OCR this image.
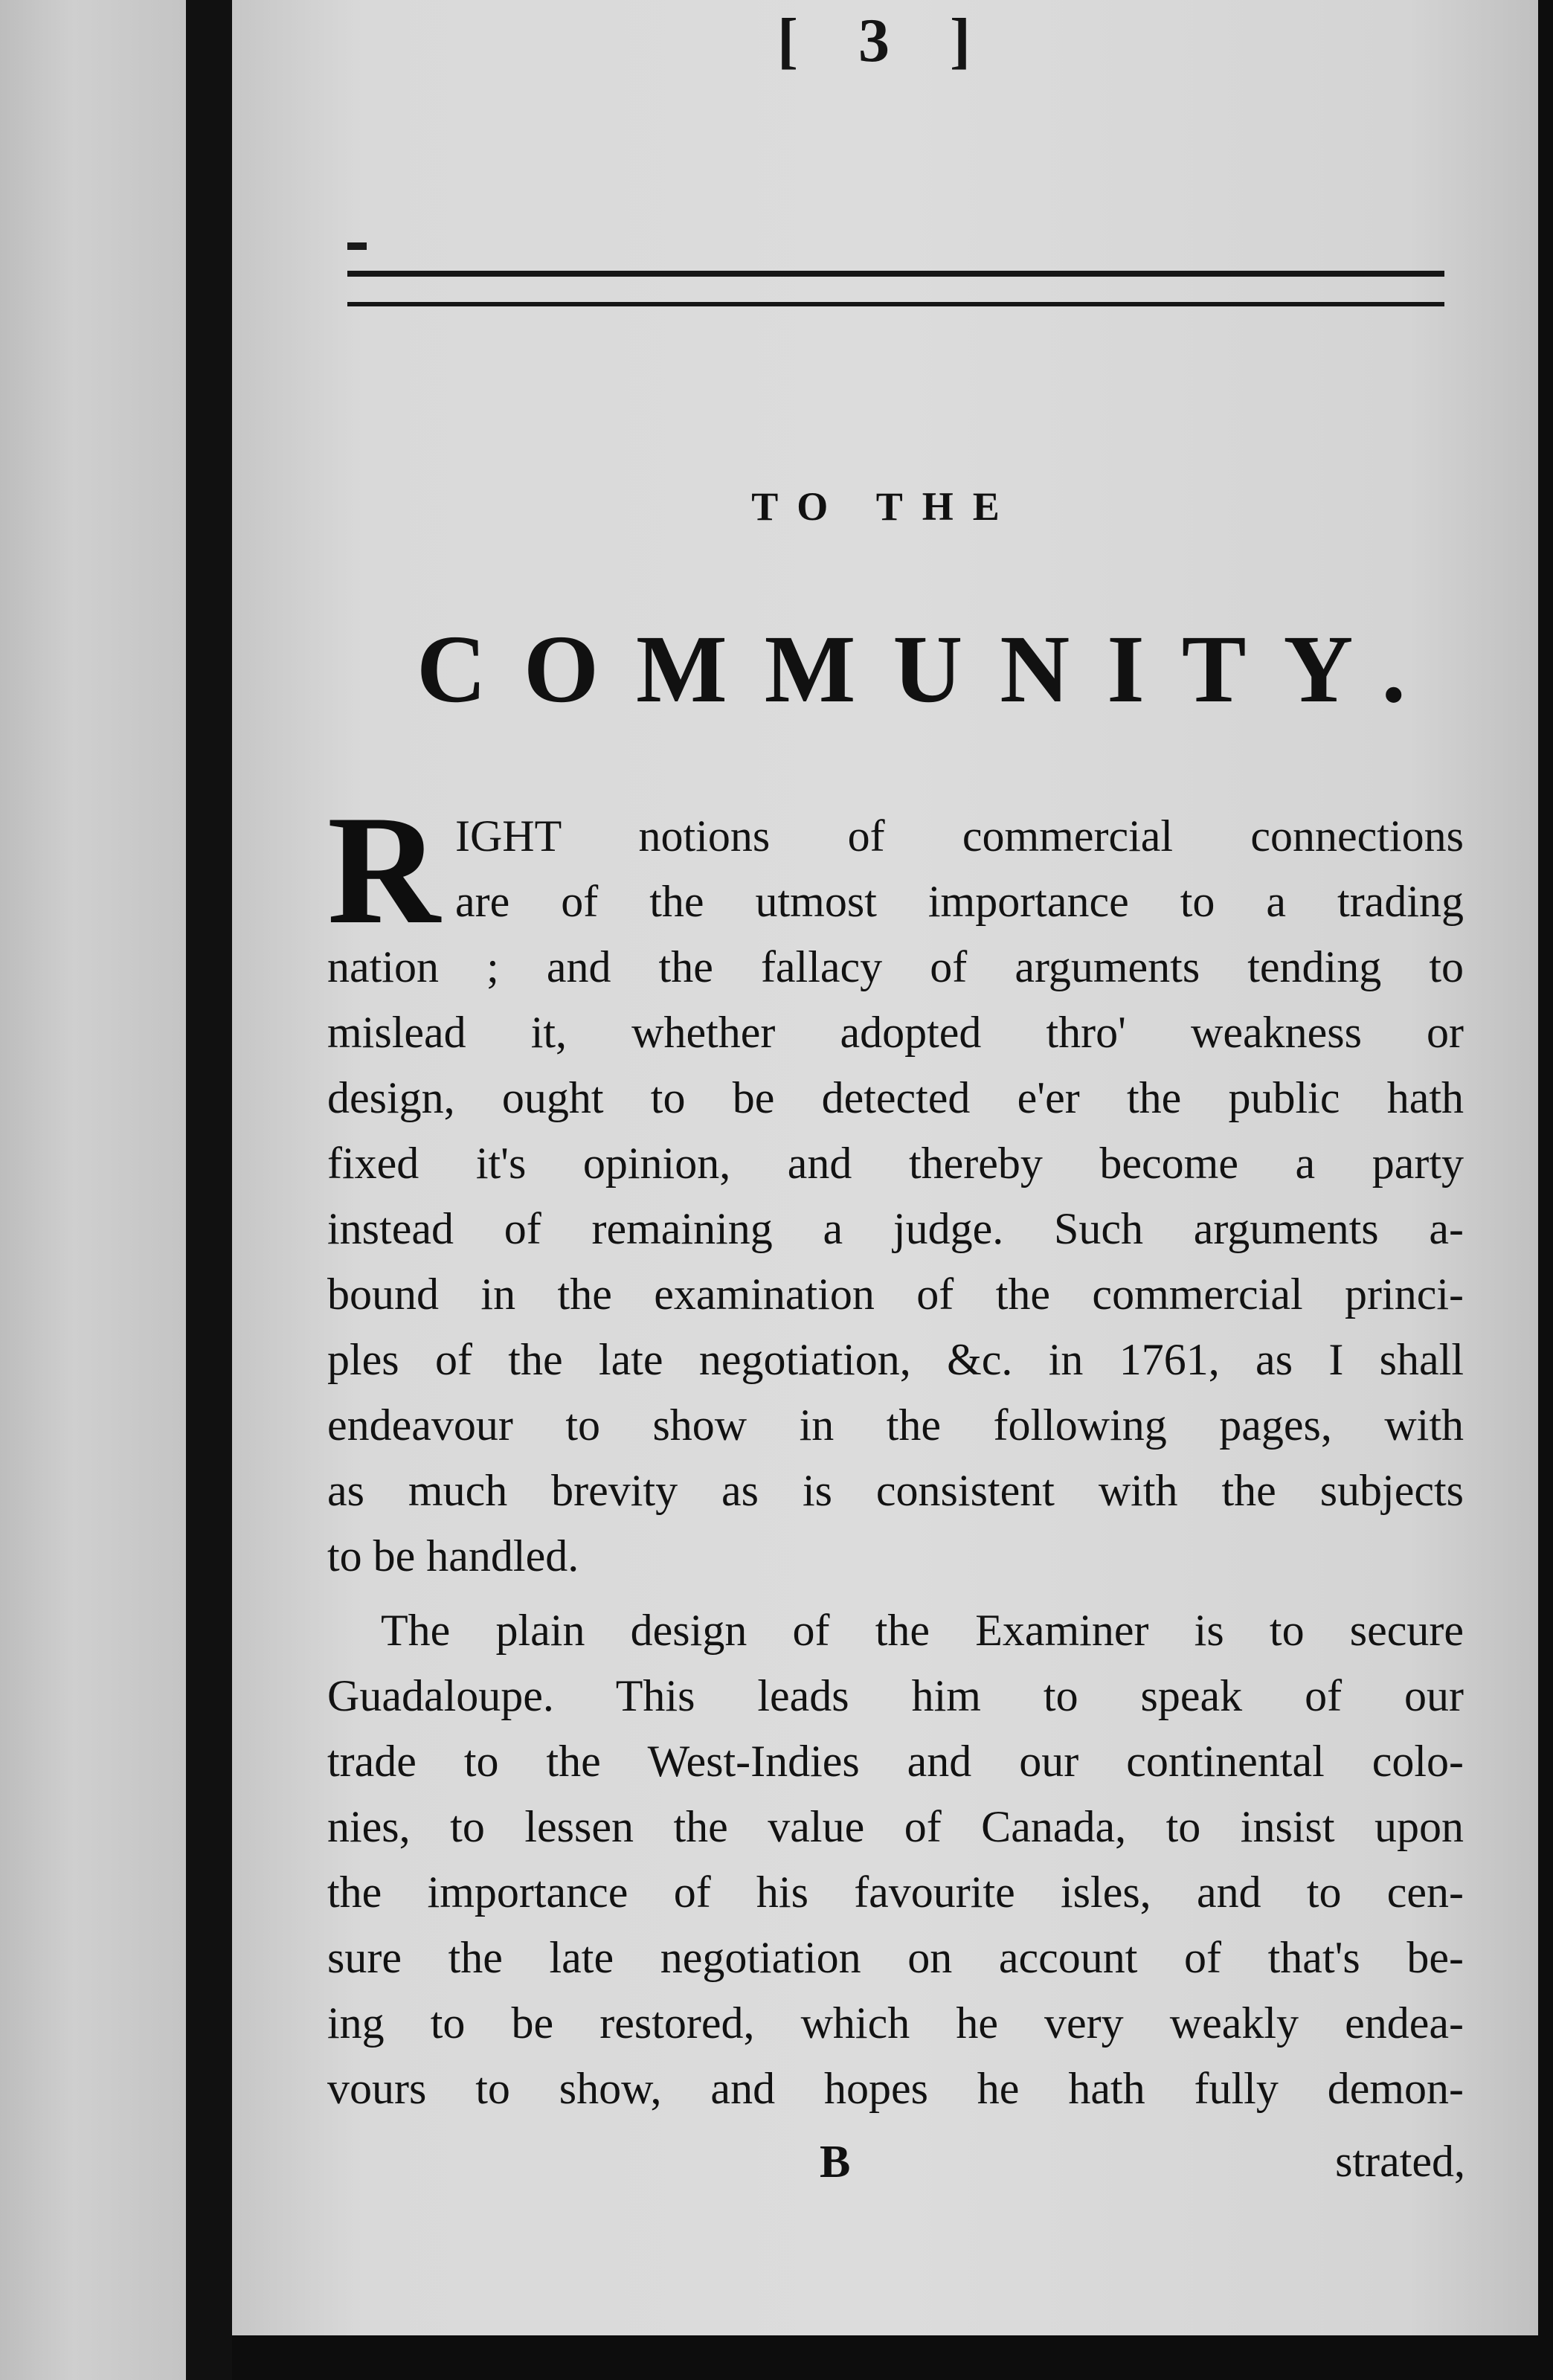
[ 3 ]
TO THE
COMMUNITY.
R IGHT notions of commercial connections
are of the utmost importance to a trading
nation ; and the fallacy of arguments tending to
mislead it, whether adopted thro' weakness or
design, ought to be detected e'er the public hath
fixed it's opinion, and thereby become a party
instead of remaining a judge. Such arguments a-
bound in the examination of the commercial princi-
ples of the late negotiation, &c. in 1761, as I shall
endeavour to show in the following pages, with
as much brevity as is consistent with the subjects
to be handled.
The plain design of the Examiner is to secure
Guadaloupe. This leads him to speak of our
trade to the West-Indies and our continental colo-
nies, to lessen the value of Canada, to insist upon
the importance of his favourite isles, and to cen-
sure the late negotiation on account of that's be-
ing to be restored, which he very weakly endea-
vours to show, and hopes he hath fully demon-
B	strated,
